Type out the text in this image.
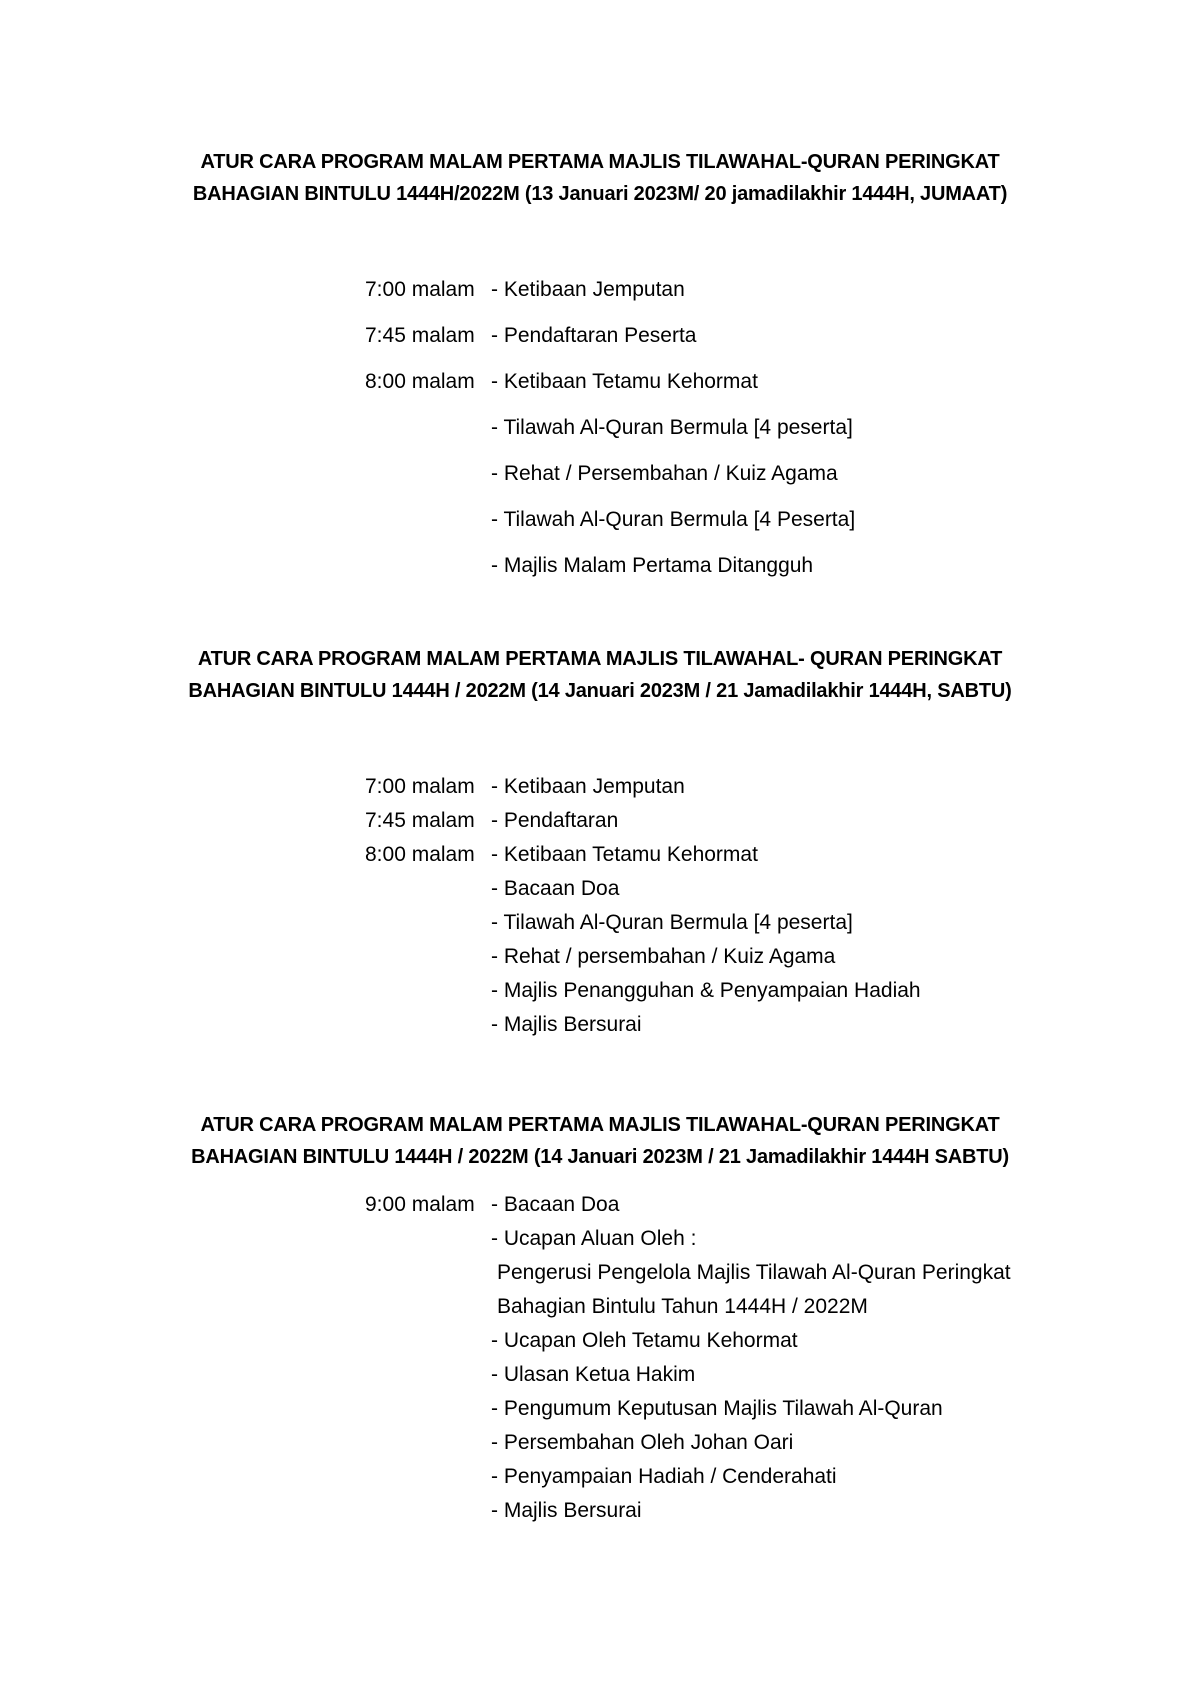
ATUR CARA PROGRAM MALAM PERTAMA MAJLIS TILAWAHAL-QURAN PERINGKAT
BAHAGIAN BINTULU 1444H/2022M (13 Januari 2023M/ 20 jamadilakhir 1444H, JUMAAT)
7:00 malam - Ketibaan Jemputan
7:45 malam - Pendaftaran Peserta
8:00 malam - Ketibaan Tetamu Kehormat
- Tilawah Al-Quran Bermula [4 peserta]
- Rehat / Persembahan / Kuiz Agama
- Tilawah Al-Quran Bermula [4 Peserta]
- Majlis Malam Pertama Ditangguh
ATUR CARA PROGRAM MALAM PERTAMA MAJLIS TILAWAHAL- QURAN PERINGKAT
BAHAGIAN BINTULU 1444H / 2022M (14 Januari 2023M / 21 Jamadilakhir 1444H, SABTU)
7:00 malam - Ketibaan Jemputan
7:45 malam - Pendaftaran
8:00 malam - Ketibaan Tetamu Kehormat
- Bacaan Doa
- Tilawah Al-Quran Bermula [4 peserta]
- Rehat / persembahan / Kuiz Agama
- Majlis Penangguhan & Penyampaian Hadiah
- Majlis Bersurai
ATUR CARA PROGRAM MALAM PERTAMA MAJLIS TILAWAHAL-QURAN PERINGKAT
BAHAGIAN BINTULU 1444H / 2022M (14 Januari 2023M / 21 Jamadilakhir 1444H SABTU)
9:00 malam - Bacaan Doa
- Ucapan Aluan Oleh :
Pengerusi Pengelola Majlis Tilawah Al-Quran Peringkat
Bahagian Bintulu Tahun 1444H / 2022M
- Ucapan Oleh Tetamu Kehormat
- Ulasan Ketua Hakim
- Pengumum Keputusan Majlis Tilawah Al-Quran
- Persembahan Oleh Johan Oari
- Penyampaian Hadiah / Cenderahati
- Majlis Bersurai
